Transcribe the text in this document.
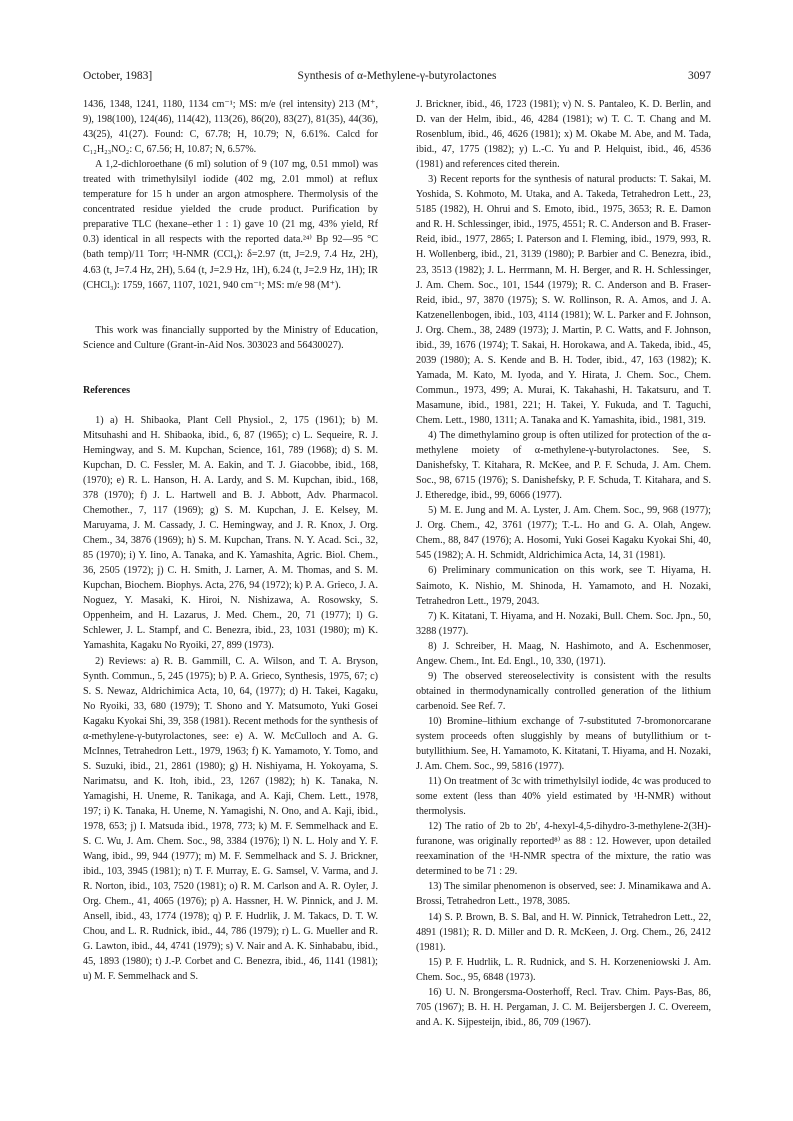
October, 1983]	Synthesis of α-Methylene-γ-butyrolactones	3097

1436, 1348, 1241, 1180, 1134 cm⁻¹; MS: m/e (rel intensity) 213 (M⁺, 9), 198(100), 124(46), 114(42), 113(26), 86(20), 83(27), 81(35), 44(36), 43(25), 41(27). Found: C, 67.78; H, 10.79; N, 6.61%. Calcd for C₁₂H₂₃NO₂: C, 67.56; H, 10.87; N, 6.57%.

A 1,2-dichloroethane (6 ml) solution of 9 (107 mg, 0.51 mmol) was treated with trimethylsilyl iodide (402 mg, 2.01 mmol) at reflux temperature for 15 h under an argon atmosphere. Thermolysis of the concentrated residue yielded the crude product. Purification by preparative TLC (hexane–ether 1 : 1) gave 10 (21 mg, 43% yield, Rf 0.3) identical in all respects with the reported data.²⁴⁾ Bp 92—95 °C (bath temp)/11 Torr; ¹H-NMR (CCl₄): δ=2.97 (tt, J=2.9, 7.4 Hz, 2H), 4.63 (t, J=7.4 Hz, 2H), 5.64 (t, J=2.9 Hz, 1H), 6.24 (t, J=2.9 Hz, 1H); IR (CHCl₃): 1759, 1667, 1107, 1021, 940 cm⁻¹; MS: m/e 98 (M⁺).

This work was financially supported by the Ministry of Education, Science and Culture (Grant-in-Aid Nos. 303023 and 56430027).

References

1) a) H. Shibaoka, Plant Cell Physiol., 2, 175 (1961); b) M. Mitsuhashi and H. Shibaoka, ibid., 6, 87 (1965); c) L. Sequeire, R. J. Hemingway, and S. M. Kupchan, Science, 161, 789 (1968); d) S. M. Kupchan, D. C. Fessler, M. A. Eakin, and T. J. Giacobbe, ibid., 168, (1970); e) R. L. Hanson, H. A. Lardy, and S. M. Kupchan, ibid., 168, 378 (1970); f) J. L. Hartwell and B. J. Abbott, Adv. Pharmacol. Chemother., 7, 117 (1969); g) S. M. Kupchan, J. E. Kelsey, M. Maruyama, J. M. Cassady, J. C. Hemingway, and J. R. Knox, J. Org. Chem., 34, 3876 (1969); h) S. M. Kupchan, Trans. N. Y. Acad. Sci., 32, 85 (1970); i) Y. Iino, A. Tanaka, and K. Yamashita, Agric. Biol. Chem., 36, 2505 (1972); j) C. H. Smith, J. Larner, A. M. Thomas, and S. M. Kupchan, Biochem. Biophys. Acta, 276, 94 (1972); k) P. A. Grieco, J. A. Noguez, Y. Masaki, K. Hiroi, N. Nishizawa, A. Rosowsky, S. Oppenheim, and H. Lazarus, J. Med. Chem., 20, 71 (1977); l) G. Schlewer, J. L. Stampf, and C. Benezra, ibid., 23, 1031 (1980); m) K. Yamashita, Kagaku No Ryoiki, 27, 899 (1973).

2) Reviews: a) R. B. Gammill, C. A. Wilson, and T. A. Bryson, Synth. Commun., 5, 245 (1975); b) P. A. Grieco, Synthesis, 1975, 67; c) S. S. Newaz, Aldrichimica Acta, 10, 64, (1977); d) H. Takei, Kagaku, No Ryoiki, 33, 680 (1979); T. Shono and Y. Matsumoto, Yuki Gosei Kagaku Kyokai Shi, 39, 358 (1981). Recent methods for the synthesis of α-methylene-γ-butyrolactones, see: e) A. W. McCulloch and A. G. McInnes, Tetrahedron Lett., 1979, 1963; f) K. Yamamoto, Y. Tomo, and S. Suzuki, ibid., 21, 2861 (1980); g) H. Nishiyama, H. Yokoyama, S. Narimatsu, and K. Itoh, ibid., 23, 1267 (1982); h) K. Tanaka, N. Yamagishi, H. Uneme, R. Tanikaga, and A. Kaji, Chem. Lett., 1978, 197; i) K. Tanaka, H. Uneme, N. Yamagishi, N. Ono, and A. Kaji, ibid., 1978, 653; j) I. Matsuda ibid., 1978, 773; k) M. F. Semmelhack and E. S. C. Wu, J. Am. Chem. Soc., 98, 3384 (1976); l) N. L. Holy and Y. F. Wang, ibid., 99, 944 (1977); m) M. F. Semmelhack and S. J. Brickner, ibid., 103, 3945 (1981); n) T. F. Murray, E. G. Samsel, V. Varma, and J. R. Norton, ibid., 103, 7520 (1981); o) R. M. Carlson and A. R. Oyler, J. Org. Chem., 41, 4065 (1976); p) A. Hassner, H. W. Pinnick, and J. M. Ansell, ibid., 43, 1774 (1978); q) P. F. Hudrlik, J. M. Takacs, D. T. W. Chou, and L. R. Rudnick, ibid., 44, 786 (1979); r) L. G. Mueller and R. G. Lawton, ibid., 44, 4741 (1979); s) V. Nair and A. K. Sinhababu, ibid., 45, 1893 (1980); t) J.-P. Corbet and C. Benezra, ibid., 46, 1141 (1981); u) M. F. Semmelhack and S.

J. Brickner, ibid., 46, 1723 (1981); v) N. S. Pantaleo, K. D. Berlin, and D. van der Helm, ibid., 46, 4284 (1981); w) T. C. T. Chang and M. Rosenblum, ibid., 46, 4626 (1981); x) M. Okabe M. Abe, and M. Tada, ibid., 47, 1775 (1982); y) L.-C. Yu and P. Helquist, ibid., 46, 4536 (1981) and references cited therein.

3) Recent reports for the synthesis of natural products: T. Sakai, M. Yoshida, S. Kohmoto, M. Utaka, and A. Takeda, Tetrahedron Lett., 23, 5185 (1982), H. Ohrui and S. Emoto, ibid., 1975, 3653; R. E. Damon and R. H. Schlessinger, ibid., 1975, 4551; R. C. Anderson and B. Fraser-Reid, ibid., 1977, 2865; I. Paterson and I. Fleming, ibid., 1979, 993, R. H. Wollenberg, ibid., 21, 3139 (1980); P. Barbier and C. Benezra, ibid., 23, 3513 (1982); J. L. Herrmann, M. H. Berger, and R. H. Schlessinger, J. Am. Chem. Soc., 101, 1544 (1979); R. C. Anderson and B. Fraser-Reid, ibid., 97, 3870 (1975); S. W. Rollinson, R. A. Amos, and J. A. Katzenellenbogen, ibid., 103, 4114 (1981); W. L. Parker and F. Johnson, J. Org. Chem., 38, 2489 (1973); J. Martin, P. C. Watts, and F. Johnson, ibid., 39, 1676 (1974); T. Sakai, H. Horokawa, and A. Takeda, ibid., 45, 2039 (1980); A. S. Kende and B. H. Toder, ibid., 47, 163 (1982); K. Yamada, M. Kato, M. Iyoda, and Y. Hirata, J. Chem. Soc., Chem. Commun., 1973, 499; A. Murai, K. Takahashi, H. Takatsuru, and T. Masamune, ibid., 1981, 221; H. Takei, Y. Fukuda, and T. Taguchi, Chem. Lett., 1980, 1311; A. Tanaka and K. Yamashita, ibid., 1981, 319.

4) The dimethylamino group is often utilized for protection of the α-methylene moiety of α-methylene-γ-butyrolactones. See, S. Danishefsky, T. Kitahara, R. McKee, and P. F. Schuda, J. Am. Chem. Soc., 98, 6715 (1976); S. Danishefsky, P. F. Schuda, T. Kitahara, and S. J. Etheredge, ibid., 99, 6066 (1977).

5) M. E. Jung and M. A. Lyster, J. Am. Chem. Soc., 99, 968 (1977); J. Org. Chem., 42, 3761 (1977); T.-L. Ho and G. A. Olah, Angew. Chem., 88, 847 (1976); A. Hosomi, Yuki Gosei Kagaku Kyokai Shi, 40, 545 (1982); A. H. Schmidt, Aldrichimica Acta, 14, 31 (1981).

6) Preliminary communication on this work, see T. Hiyama, H. Saimoto, K. Nishio, M. Shinoda, H. Yamamoto, and H. Nozaki, Tetrahedron Lett., 1979, 2043.

7) K. Kitatani, T. Hiyama, and H. Nozaki, Bull. Chem. Soc. Jpn., 50, 3288 (1977).

8) J. Schreiber, H. Maag, N. Hashimoto, and A. Eschenmoser, Angew. Chem., Int. Ed. Engl., 10, 330, (1971).

9) The observed stereoselectivity is consistent with the results obtained in thermodynamically controlled generation of the lithium carbenoid. See Ref. 7.

10) Bromine–lithium exchange of 7-substituted 7-bromonorcarane system proceeds often sluggishly by means of butyllithium or t-butyllithium. See, H. Yamamoto, K. Kitatani, T. Hiyama, and H. Nozaki, J. Am. Chem. Soc., 99, 5816 (1977).

11) On treatment of 3c with trimethylsilyl iodide, 4c was produced to some extent (less than 40% yield estimated by ¹H-NMR) without thermolysis.

12) The ratio of 2b to 2b′, 4-hexyl-4,5-dihydro-3-methylene-2(3H)-furanone, was originally reported⁸⁾ as 88 : 12. However, upon detailed reexamination of the ¹H-NMR spectra of the mixture, the ratio was determined to be 71 : 29.

13) The similar phenomenon is observed, see: J. Minamikawa and A. Brossi, Tetrahedron Lett., 1978, 3085.

14) S. P. Brown, B. S. Bal, and H. W. Pinnick, Tetrahedron Lett., 22, 4891 (1981); R. D. Miller and D. R. McKeen, J. Org. Chem., 26, 2412 (1981).

15) P. F. Hudrlik, L. R. Rudnick, and S. H. Korzeneniowski J. Am. Chem. Soc., 95, 6848 (1973).

16) U. N. Brongersma-Oosterhoff, Recl. Trav. Chim. Pays-Bas, 86, 705 (1967); B. H. H. Pergaman, J. C. M. Beijersbergen J. C. Overeem, and A. K. Sijpesteijn, ibid., 86, 709 (1967).
